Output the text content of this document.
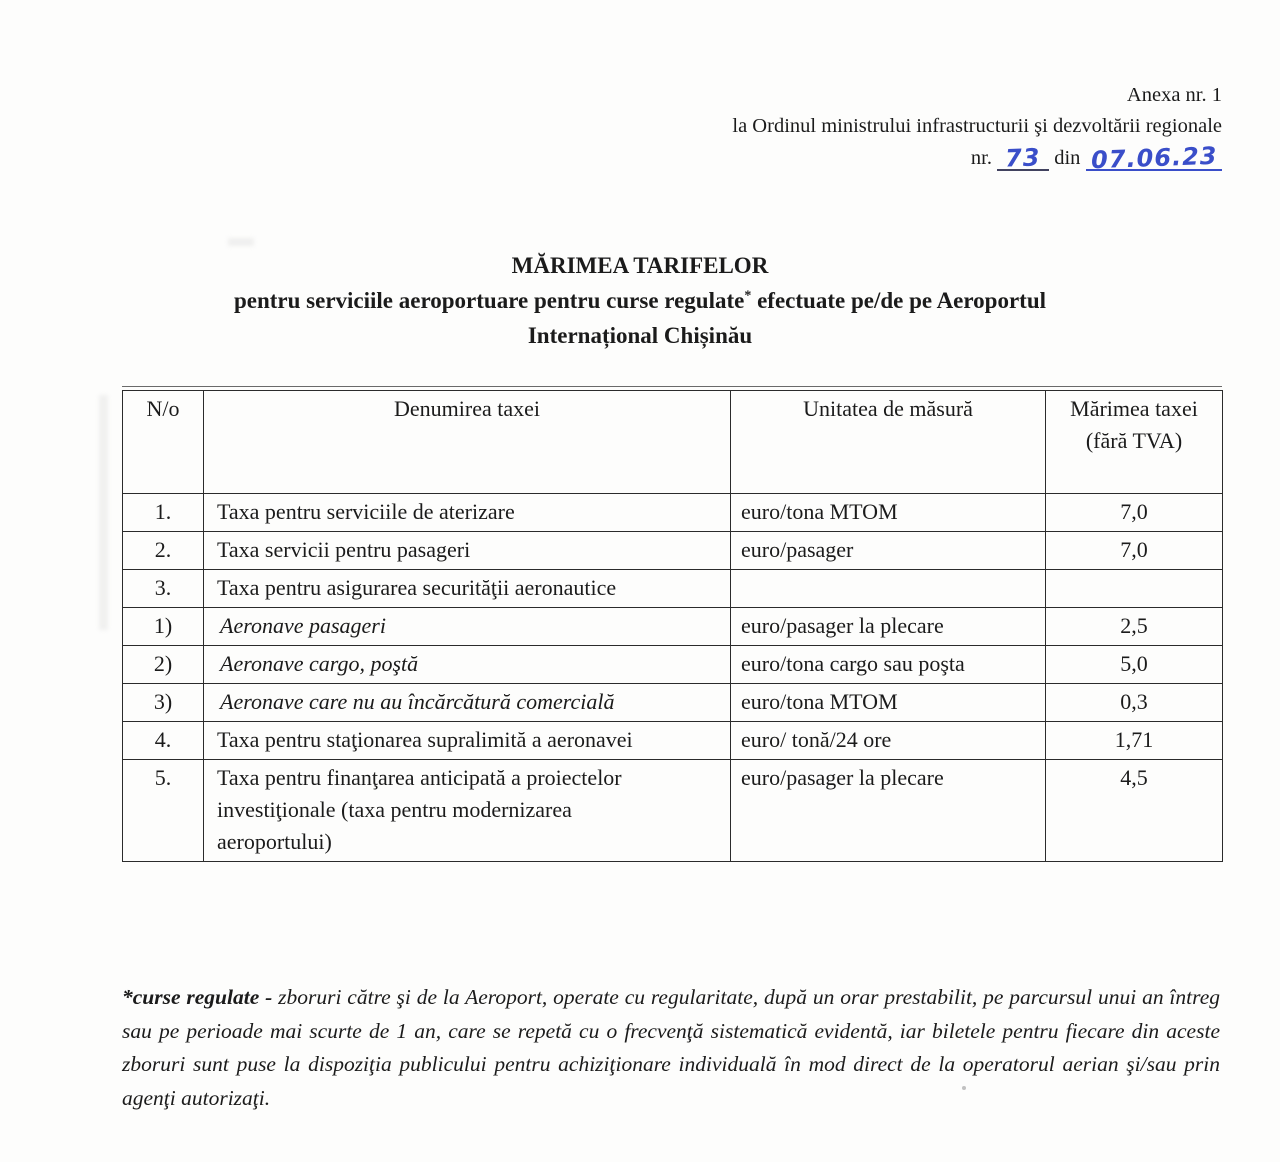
Anexa nr. 1
la Ordinul ministrului infrastructurii şi dezvoltării regionale
nr. 73 din 07.06.23
MĂRIMEA TARIFELOR
pentru serviciile aeroportuare pentru curse regulate* efectuate pe/de pe Aeroportul
Internațional Chișinău
N/o	Denumirea taxei	Unitatea de măsură	Mărimea taxei (fără TVA)
1.	Taxa pentru serviciile de aterizare	euro/tona MTOM	7,0
2.	Taxa servicii pentru pasageri	euro/pasager	7,0
3.	Taxa pentru asigurarea securităţii aeronautice		

1)	Aeronave pasageri	euro/pasager la plecare	2,5
2)	Aeronave cargo, poştă	euro/tona cargo sau poşta	5,0
3)	Aeronave care nu au încărcătură comercială	euro/tona MTOM	0,3
4.	Taxa pentru staţionarea supralimită a aeronavei	euro/ tonă/24 ore	1,71
5.	Taxa pentru finanţarea anticipată a proiectelor investiţionale (taxa pentru modernizarea aeroportului)	euro/pasager la plecare	4,5
*curse regulate - zboruri către şi de la Aeroport, operate cu regularitate, după un orar prestabilit, pe parcursul unui an întreg sau pe perioade mai scurte de 1 an, care se repetă cu o frecvenţă sistematică evidentă, iar biletele pentru fiecare din aceste zboruri sunt puse la dispoziţia publicului pentru achiziţionare individuală în mod direct de la operatorul aerian şi/sau prin agenţi autorizaţi.
